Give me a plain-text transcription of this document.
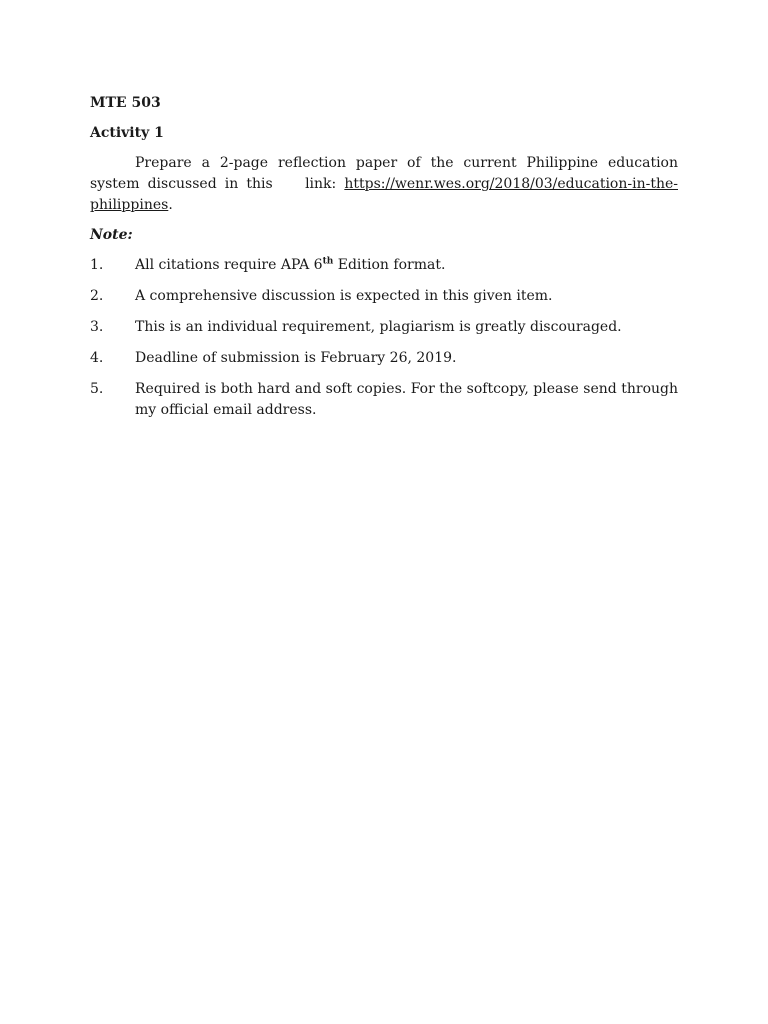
MTE 503
Activity 1

Prepare a 2-page reflection paper of the current Philippine education system discussed in this    link: https://wenr.wes.org/2018/03/education-in-the-philippines.

Note:
1.	All citations require APA 6th Edition format.
2.	A comprehensive discussion is expected in this given item.
3.	This is an individual requirement, plagiarism is greatly discouraged.
4.	Deadline of submission is February 26, 2019.
5.	Required is both hard and soft copies. For the softcopy, please send through my official email address.
